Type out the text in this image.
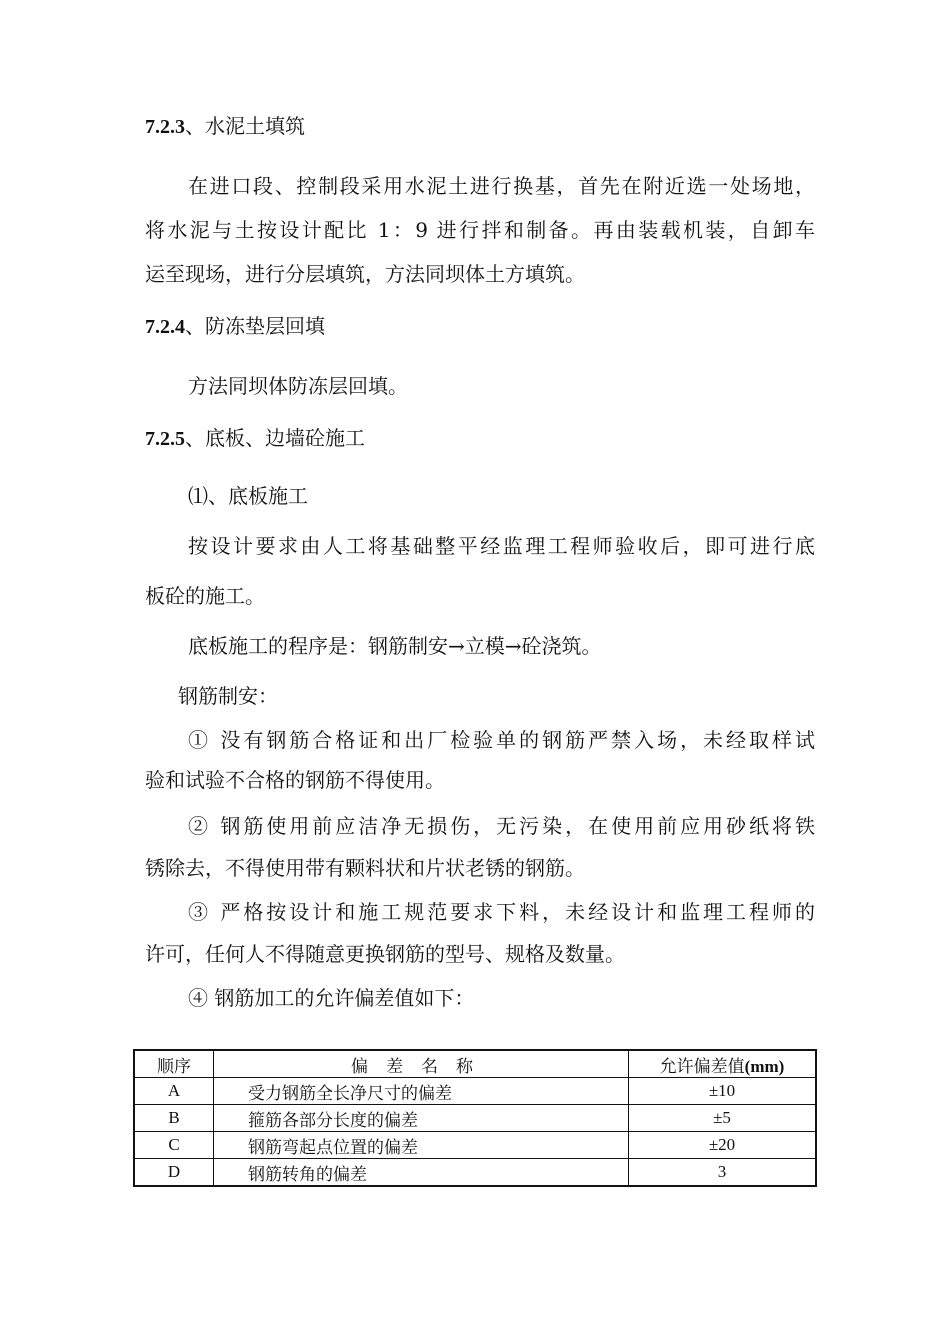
7.2.3、水泥土填筑
在进口段、控制段采用水泥土进行换基，首先在附近选一处场地，
将水泥与土按设计配比 1：9 进行拌和制备。再由装载机装，自卸车
运至现场，进行分层填筑，方法同坝体土方填筑。
7.2.4、防冻垫层回填
方法同坝体防冻层回填。
7.2.5、底板、边墙砼施工
⑴、底板施工
按设计要求由人工将基础整平经监理工程师验收后，即可进行底
板砼的施工。
底板施工的程序是：钢筋制安→立模→砼浇筑。
钢筋制安：
① 没有钢筋合格证和出厂检验单的钢筋严禁入场，未经取样试
验和试验不合格的钢筋不得使用。
② 钢筋使用前应洁净无损伤，无污染，在使用前应用砂纸将铁
锈除去，不得使用带有颗料状和片状老锈的钢筋。
③ 严格按设计和施工规范要求下料，未经设计和监理工程师的
许可，任何人不得随意更换钢筋的型号、规格及数量。
④ 钢筋加工的允许偏差值如下：
顺序	偏差名称	允许偏差值(mm)
A	受力钢筋全长净尺寸的偏差	±10
B	箍筋各部分长度的偏差	±5
C	钢筋弯起点位置的偏差	±20
D	钢筋转角的偏差	3
